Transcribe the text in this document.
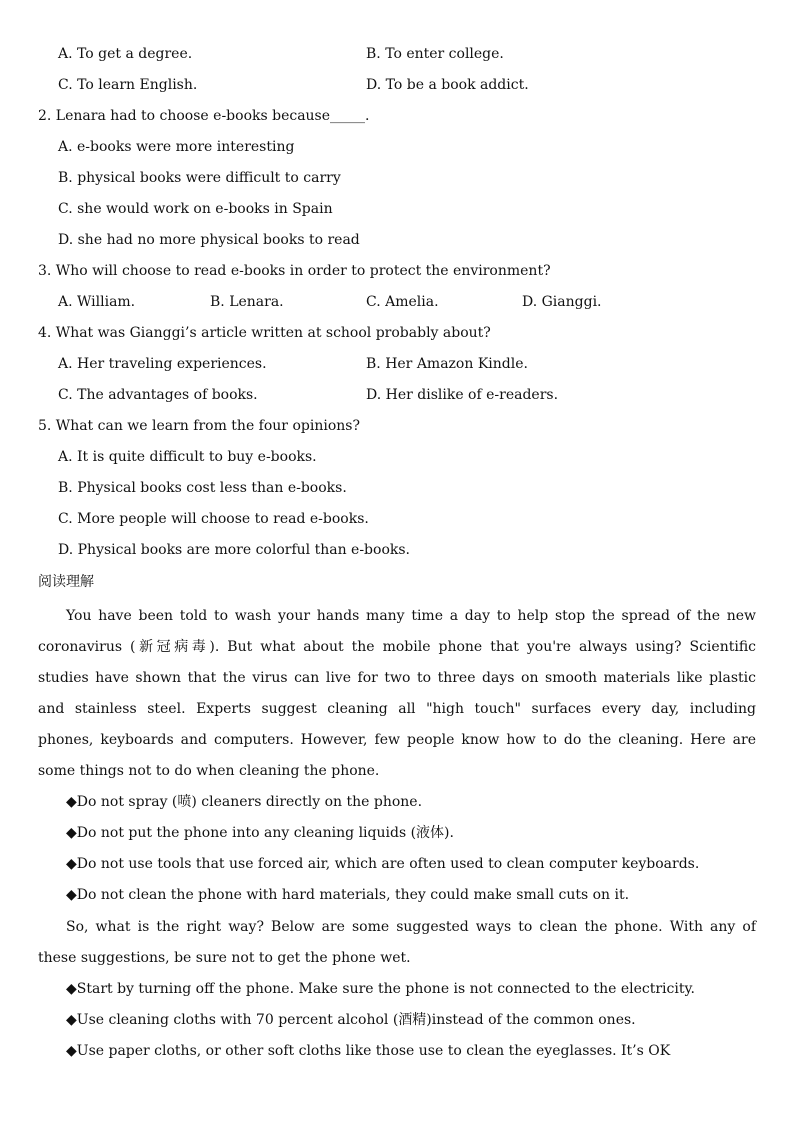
A. To get a degree.	B. To enter college.
C. To learn English.	D. To be a book addict.
2. Lenara had to choose e-books because_____.
A. e-books were more interesting
B. physical books were difficult to carry
C. she would work on e-books in Spain
D. she had no more physical books to read
3. Who will choose to read e-books in order to protect the environment?
A. William.	B. Lenara.	C. Amelia.	D. Gianggi.
4. What was Gianggi’s article written at school probably about?
A. Her traveling experiences.	B. Her Amazon Kindle.
C. The advantages of books.	D. Her dislike of e-readers.
5. What can we learn from the four opinions?
A. It is quite difficult to buy e-books.
B. Physical books cost less than e-books.
C. More people will choose to read e-books.
D. Physical books are more colorful than e-books.
阅读理解
You have been told to wash your hands many time a day to help stop the spread of the new
coronavirus (新冠病毒). But what about the mobile phone that you're always using? Scientific
studies have shown that the virus can live for two to three days on smooth materials like plastic
and stainless steel. Experts suggest cleaning all "high touch" surfaces every day, including
phones, keyboards and computers. However, few people know how to do the cleaning. Here are
some things not to do when cleaning the phone.
◆Do not spray (喷) cleaners directly on the phone.
◆Do not put the phone into any cleaning liquids (液体).
◆Do not use tools that use forced air, which are often used to clean computer keyboards.
◆Do not clean the phone with hard materials, they could make small cuts on it.
So, what is the right way? Below are some suggested ways to clean the phone. With any of
these suggestions, be sure not to get the phone wet.
◆Start by turning off the phone. Make sure the phone is not connected to the electricity.
◆Use cleaning cloths with 70 percent alcohol (酒精)instead of the common ones.
◆Use paper cloths, or other soft cloths like those use to clean the eyeglasses. It’s OK
